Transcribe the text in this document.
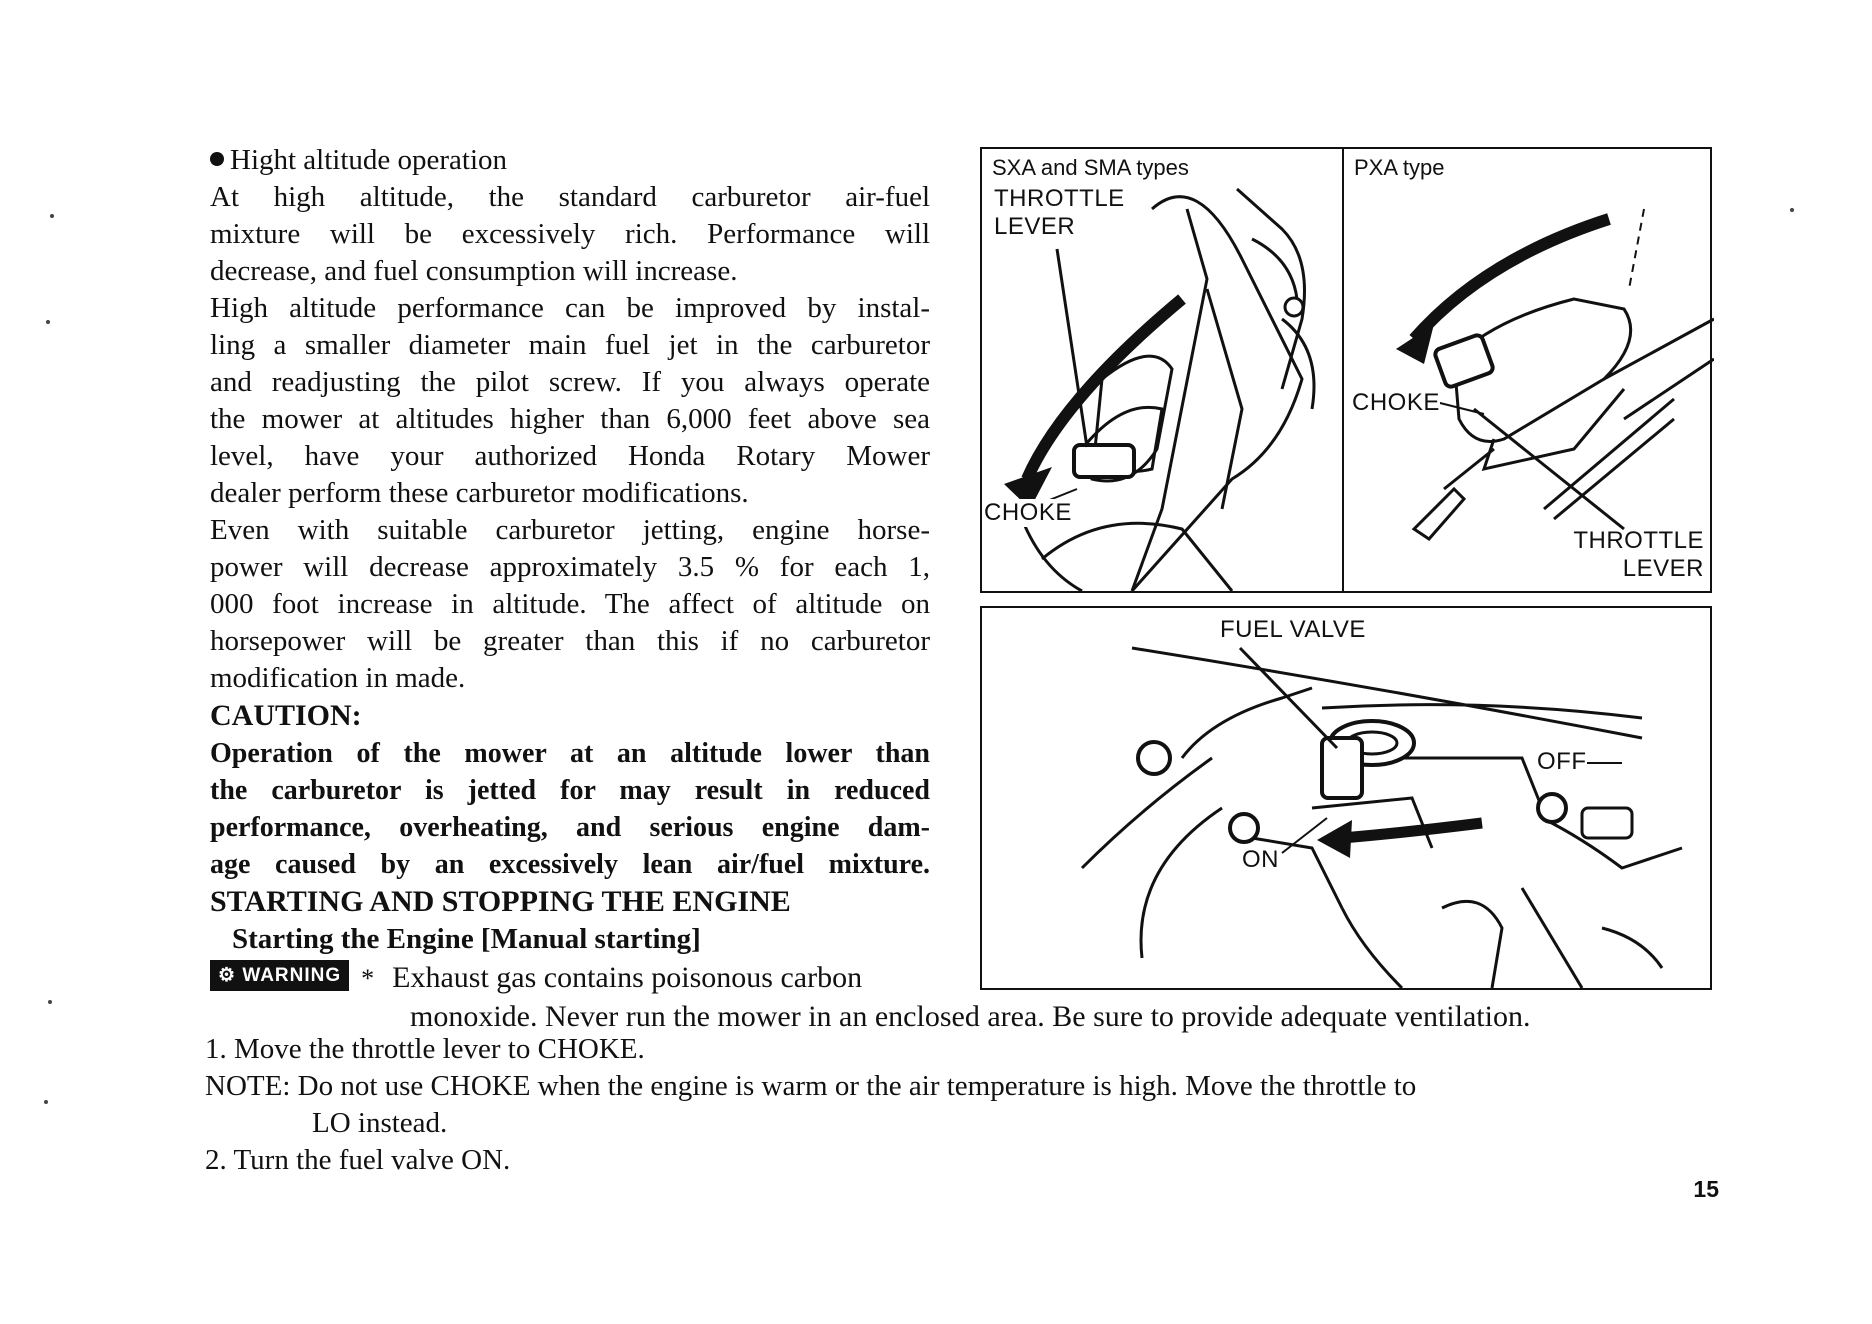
Hight altitude operation
At high altitude, the standard carburetor air-fuel
mixture will be excessively rich. Performance will
decrease, and fuel consumption will increase.
High altitude performance can be improved by instal-
ling a smaller diameter main fuel jet in the carburetor
and readjusting the pilot screw. If you always operate
the mower at altitudes higher than 6,000 feet above sea
level, have your authorized Honda Rotary Mower
dealer perform these carburetor modifications.
Even with suitable carburetor jetting, engine horse-
power will decrease approximately 3.5 % for each 1,
000 foot increase in altitude. The affect of altitude on
horsepower will be greater than this if no carburetor
modification in made.
CAUTION:
Operation of the mower at an altitude lower than
the carburetor is jetted for may result in reduced
performance, overheating, and serious engine dam-
age caused by an excessively lean air/fuel mixture.
STARTING AND STOPPING THE ENGINE
Starting the Engine [Manual starting]
⚙ WARNING * Exhaust gas contains poisonous carbon
monoxide. Never run the mower in an enclosed area. Be sure to provide adequate ventilation.
1. Move the throttle lever to CHOKE.
NOTE: Do not use CHOKE when the engine is warm or the air temperature is high. Move the throttle to
LO instead.
2. Turn the fuel valve ON.
15
SXA and SMA types
THROTTLE
LEVER
CHOKE
PXA type
CHOKE
THROTTLE
LEVER
FUEL VALVE
OFF
ON
